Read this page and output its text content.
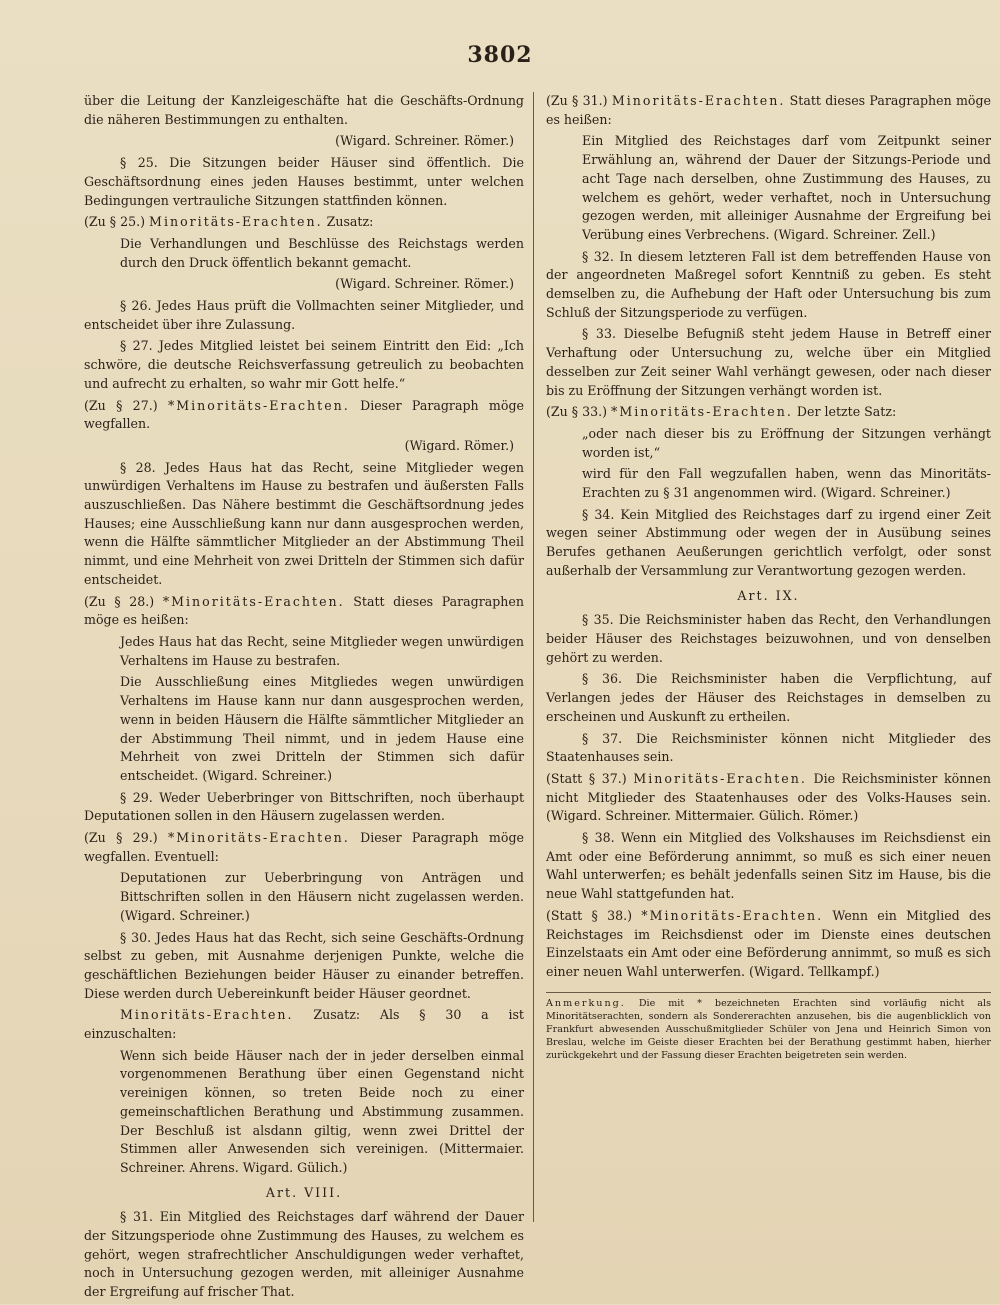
3802

über die Leitung der Kanzleigeschäfte hat die Geschäfts-Ordnung die näheren Bestimmungen zu enthalten.

(Wigard. Schreiner. Römer.)

§ 25. Die Sitzungen beider Häuser sind öffentlich. Die Geschäftsordnung eines jeden Hauses bestimmt, unter welchen Bedingungen vertrauliche Sitzungen stattfinden können.

(Zu § 25.) Minoritäts-Erachten. Zusatz:

Die Verhandlungen und Beschlüsse des Reichstags werden durch den Druck öffentlich bekannt gemacht.

(Wigard. Schreiner. Römer.)

§ 26. Jedes Haus prüft die Vollmachten seiner Mitglieder, und entscheidet über ihre Zulassung.

§ 27. Jedes Mitglied leistet bei seinem Eintritt den Eid: „Ich schwöre, die deutsche Reichsverfassung getreulich zu beobachten und aufrecht zu erhalten, so wahr mir Gott helfe.“

(Zu § 27.) *Minoritäts-Erachten. Dieser Paragraph möge wegfallen.

(Wigard. Römer.)

§ 28. Jedes Haus hat das Recht, seine Mitglieder wegen unwürdigen Verhaltens im Hause zu bestrafen und äußersten Falls auszuschließen. Das Nähere bestimmt die Geschäftsordnung jedes Hauses; eine Ausschließung kann nur dann ausgesprochen werden, wenn die Hälfte sämmtlicher Mitglieder an der Abstimmung Theil nimmt, und eine Mehrheit von zwei Dritteln der Stimmen sich dafür entscheidet.

(Zu § 28.) *Minoritäts-Erachten. Statt dieses Paragraphen möge es heißen:

Jedes Haus hat das Recht, seine Mitglieder wegen unwürdigen Verhaltens im Hause zu bestrafen.

Die Ausschließung eines Mitgliedes wegen unwürdigen Verhaltens im Hause kann nur dann ausgesprochen werden, wenn in beiden Häusern die Hälfte sämmtlicher Mitglieder an der Abstimmung Theil nimmt, und in jedem Hause eine Mehrheit von zwei Dritteln der Stimmen sich dafür entscheidet. (Wigard. Schreiner.)

§ 29. Weder Ueberbringer von Bittschriften, noch überhaupt Deputationen sollen in den Häusern zugelassen werden.

(Zu § 29.) *Minoritäts-Erachten. Dieser Paragraph möge wegfallen. Eventuell:

Deputationen zur Ueberbringung von Anträgen und Bittschriften sollen in den Häusern nicht zugelassen werden. (Wigard. Schreiner.)

§ 30. Jedes Haus hat das Recht, sich seine Geschäfts-Ordnung selbst zu geben, mit Ausnahme derjenigen Punkte, welche die geschäftlichen Beziehungen beider Häuser zu einander betreffen. Diese werden durch Uebereinkunft beider Häuser geordnet.

Minoritäts-Erachten. Zusatz: Als § 30 a ist einzuschalten:

Wenn sich beide Häuser nach der in jeder derselben einmal vorgenommenen Berathung über einen Gegenstand nicht vereinigen können, so treten Beide noch zu einer gemeinschaftlichen Berathung und Abstimmung zusammen. Der Beschluß ist alsdann giltig, wenn zwei Drittel der Stimmen aller Anwesenden sich vereinigen. (Mittermaier. Schreiner. Ahrens. Wigard. Gülich.)

Art. VIII.

§ 31. Ein Mitglied des Reichstages darf während der Dauer der Sitzungsperiode ohne Zustimmung des Hauses, zu welchem es gehört, wegen strafrechtlicher Anschuldigungen weder verhaftet, noch in Untersuchung gezogen werden, mit alleiniger Ausnahme der Ergreifung auf frischer That.

(Zu § 31.) Minoritäts-Erachten. Statt dieses Paragraphen möge es heißen:

Ein Mitglied des Reichstages darf vom Zeitpunkt seiner Erwählung an, während der Dauer der Sitzungs-Periode und acht Tage nach derselben, ohne Zustimmung des Hauses, zu welchem es gehört, weder verhaftet, noch in Untersuchung gezogen werden, mit alleiniger Ausnahme der Ergreifung bei Verübung eines Verbrechens. (Wigard. Schreiner. Zell.)

§ 32. In diesem letzteren Fall ist dem betreffenden Hause von der angeordneten Maßregel sofort Kenntniß zu geben. Es steht demselben zu, die Aufhebung der Haft oder Untersuchung bis zum Schluß der Sitzungsperiode zu verfügen.

§ 33. Dieselbe Befugniß steht jedem Hause in Betreff einer Verhaftung oder Untersuchung zu, welche über ein Mitglied desselben zur Zeit seiner Wahl verhängt gewesen, oder nach dieser bis zu Eröffnung der Sitzungen verhängt worden ist.

(Zu § 33.) *Minoritäts-Erachten. Der letzte Satz:

„oder nach dieser bis zu Eröffnung der Sitzungen verhängt worden ist,“

wird für den Fall wegzufallen haben, wenn das Minoritäts-Erachten zu § 31 angenommen wird. (Wigard. Schreiner.)

§ 34. Kein Mitglied des Reichstages darf zu irgend einer Zeit wegen seiner Abstimmung oder wegen der in Ausübung seines Berufes gethanen Aeußerungen gerichtlich verfolgt, oder sonst außerhalb der Versammlung zur Verantwortung gezogen werden.

Art. IX.

§ 35. Die Reichsminister haben das Recht, den Verhandlungen beider Häuser des Reichstages beizuwohnen, und von denselben gehört zu werden.

§ 36. Die Reichsminister haben die Verpflichtung, auf Verlangen jedes der Häuser des Reichstages in demselben zu erscheinen und Auskunft zu ertheilen.

§ 37. Die Reichsminister können nicht Mitglieder des Staatenhauses sein.

(Statt § 37.) Minoritäts-Erachten. Die Reichsminister können nicht Mitglieder des Staatenhauses oder des Volks-Hauses sein. (Wigard. Schreiner. Mittermaier. Gülich. Römer.)

§ 38. Wenn ein Mitglied des Volkshauses im Reichsdienst ein Amt oder eine Beförderung annimmt, so muß es sich einer neuen Wahl unterwerfen; es behält jedenfalls seinen Sitz im Hause, bis die neue Wahl stattgefunden hat.

(Statt § 38.) *Minoritäts-Erachten. Wenn ein Mitglied des Reichstages im Reichsdienst oder im Dienste eines deutschen Einzelstaats ein Amt oder eine Beförderung annimmt, so muß es sich einer neuen Wahl unterwerfen. (Wigard. Tellkampf.)

Anmerkung. Die mit * bezeichneten Erachten sind vorläufig nicht als Minoritätserachten, sondern als Sondererachten anzusehen, bis die augenblicklich von Frankfurt abwesenden Ausschußmitglieder Schüler von Jena und Heinrich Simon von Breslau, welche im Geiste dieser Erachten bei der Berathung gestimmt haben, hierher zurückgekehrt und der Fassung dieser Erachten beigetreten sein werden.
